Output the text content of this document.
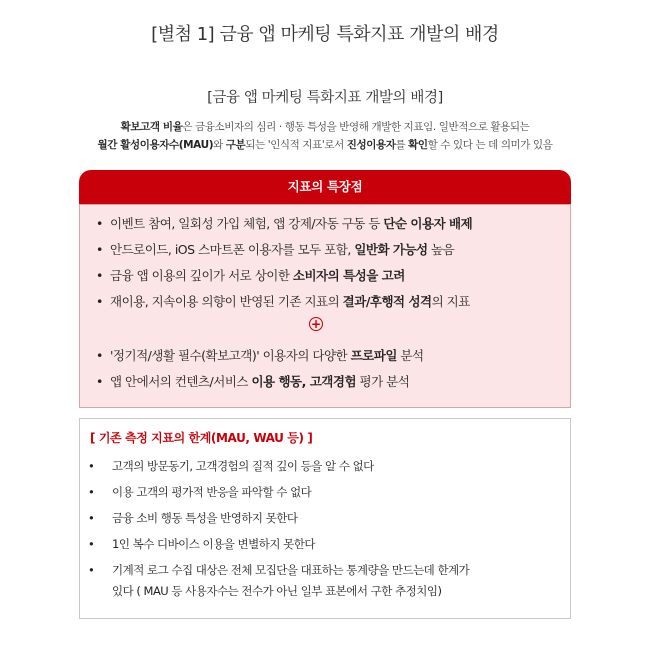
[별첨 1] 금융 앱 마케팅 특화지표 개발의 배경
[금융 앱 마케팅 특화지표 개발의 배경]
확보고객 비율은 금융소비자의 심리 · 행동 특성을 반영해 개발한 지표임. 일반적으로 활용되는
월간 활성이용자수(MAU)와 구분되는 '인식적 지표'로서 진성이용자를 확인할 수 있다 는 데 의미가 있음
지표의 특장점
• 이벤트 참여, 일회성 가입 체험, 앱 강제/자동 구동 등 단순 이용자 배제
• 안드로이드, iOS 스마트폰 이용자를 모두 포함, 일반화 가능성 높음
• 금융 앱 이용의 깊이가 서로 상이한 소비자의 특성을 고려
• 재이용, 지속이용 의향이 반영된 기존 지표의 결과/후행적 성격의 지표
+
• '정기적/생활 필수(확보고객)' 이용자의 다양한 프로파일 분석
• 앱 안에서의 컨텐츠/서비스 이용 행동, 고객경험 평가 분석
[ 기존 측정 지표의 한계(MAU, WAU 등) ]
• 고객의 방문동기, 고객경험의 질적 깊이 등을 알 수 없다
• 이용 고객의 평가적 반응을 파악할 수 없다
• 금융 소비 행동 특성을 반영하지 못한다
• 1인 복수 디바이스 이용을 변별하지 못한다
• 기계적 로그 수집 대상은 전체 모집단을 대표하는 통계량을 만드는데 한계가
있다 ( MAU 등 사용자수는 전수가 아닌 일부 표본에서 구한 추정치임)
